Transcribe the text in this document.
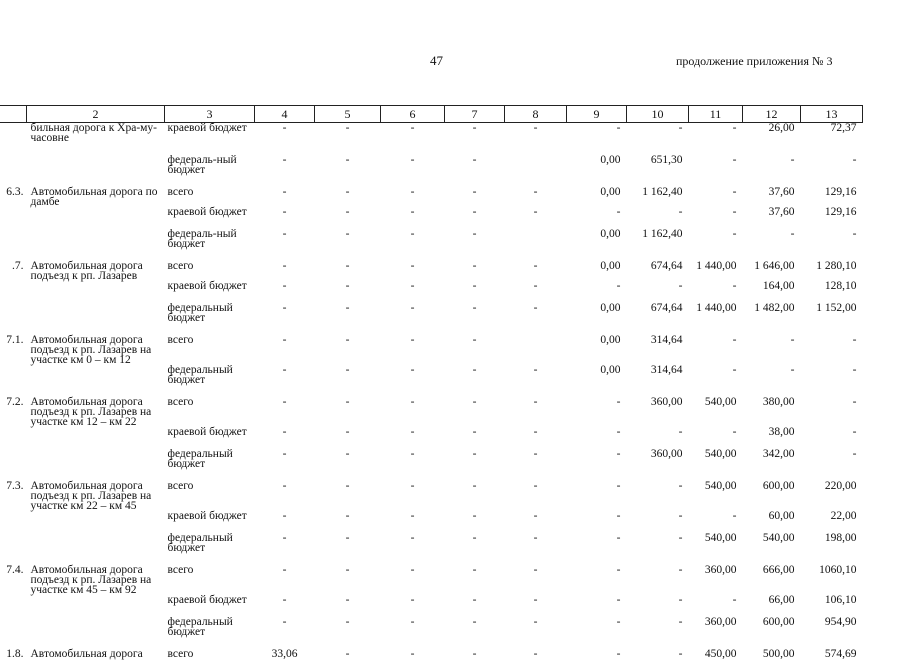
47	продолжение приложения № 3
	2	3	4	5	6	7	8	9	10	11	12	13
	бильная дорога к Хра-му-часовне	краевой бюджет	-	-	-	-	-	-	-	-	26,00	72,37
		федераль-ный бюджет	-	-	-	-		0,00	651,30	-	-	-
6.3.	Автомобильная дорога по дамбе	всего	-	-	-	-	-	0,00	1 162,40	-	37,60	129,16
		краевой бюджет	-	-	-	-	-	-	-	-	37,60	129,16
		федераль-ный бюджет	-	-	-	-		0,00	1 162,40	-	-	-
.7.	Автомобильная дорога подъезд к рп. Лазарев	всего	-	-	-	-	-	0,00	674,64	1 440,00	1 646,00	1 280,10
		краевой бюджет	-	-	-	-	-	-	-	-	164,00	128,10
		федеральный бюджет	-	-	-	-	-	0,00	674,64	1 440,00	1 482,00	1 152,00
7.1.	Автомобильная дорога подъезд к рп. Лазарев на участке км 0 – км 12	всего	-	-	-	-		0,00	314,64	-	-	-
		федеральный бюджет	-	-	-	-	-	0,00	314,64	-	-	-
7.2.	Автомобильная дорога подъезд к рп. Лазарев на участке км 12 – км 22	всего	-	-	-	-	-	-	360,00	540,00	380,00	-
		краевой бюджет	-	-	-	-	-	-	-	-	38,00	-
		федеральный бюджет	-	-	-	-	-	-	360,00	540,00	342,00	-
7.3.	Автомобильная дорога подъезд к рп. Лазарев на участке км 22 – км 45	всего	-	-	-	-	-	-	-	540,00	600,00	220,00
		краевой бюджет	-	-	-	-	-	-	-	-	60,00	22,00
		федеральный бюджет	-	-	-	-	-	-	-	540,00	540,00	198,00
7.4.	Автомобильная дорога подъезд к рп. Лазарев на участке км 45 – км 92	всего	-	-	-	-	-	-	-	360,00	666,00	1060,10
		краевой бюджет	-	-	-	-	-	-	-	-	66,00	106,10
		федеральный бюджет	-	-	-	-	-	-	-	360,00	600,00	954,90
1.8.	Автомобильная дорога	всего	33,06	-	-	-	-	-	-	450,00	500,00	574,69
